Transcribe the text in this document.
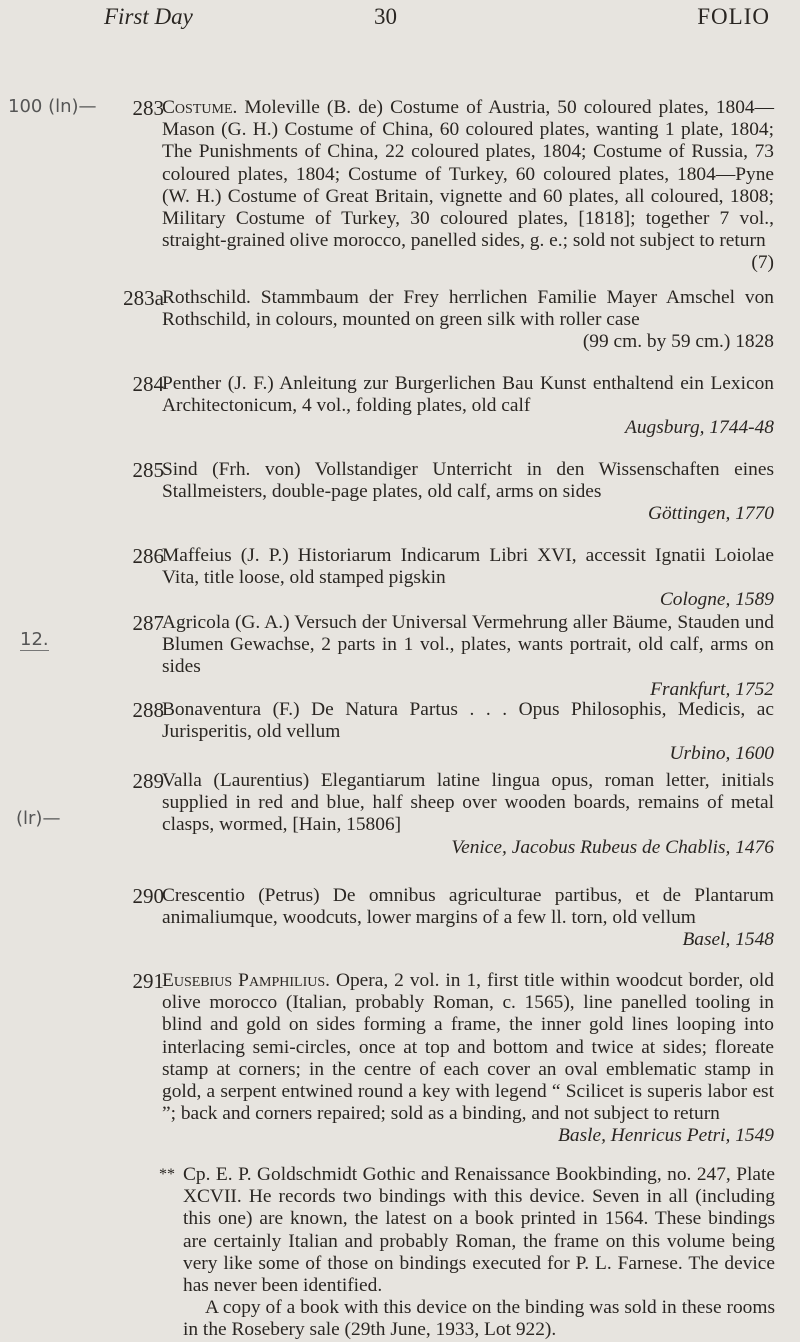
First Day	30	FOLIO
100 (ln)—
12.
(lr)—
283
Costume. Moleville (B. de) Costume of Austria, 50 coloured plates, 1804—Mason (G. H.) Costume of China, 60 coloured plates, wanting 1 plate, 1804; The Punishments of China, 22 coloured plates, 1804; Costume of Russia, 73 coloured plates, 1804; Costume of Turkey, 60 coloured plates, 1804—Pyne (W. H.) Costume of Great Britain, vignette and 60 plates, all coloured, 1808; Military Costume of Turkey, 30 coloured plates, [1818]; together 7 vol., straight-grained olive morocco, panelled sides, g. e.; sold not subject to return
(7)
283a
Rothschild. Stammbaum der Frey herrlichen Familie Mayer Amschel von Rothschild, in colours, mounted on green silk with roller case
(99 cm. by 59 cm.) 1828
284
Penther (J. F.) Anleitung zur Burgerlichen Bau Kunst enthaltend ein Lexicon Architectonicum, 4 vol., folding plates, old calf
Augsburg, 1744-48
285
Sind (Frh. von) Vollstandiger Unterricht in den Wissenschaften eines Stallmeisters, double-page plates, old calf, arms on sides
Göttingen, 1770
286
Maffeius (J. P.) Historiarum Indicarum Libri XVI, accessit Ignatii Loiolae Vita, title loose, old stamped pigskin
Cologne, 1589
287
Agricola (G. A.) Versuch der Universal Vermehrung aller Bäume, Stauden und Blumen Gewachse, 2 parts in 1 vol., plates, wants portrait, old calf, arms on sides
Frankfurt, 1752
288
Bonaventura (F.) De Natura Partus . . . Opus Philosophis, Medicis, ac Jurisperitis, old vellum
Urbino, 1600
289
Valla (Laurentius) Elegantiarum latine lingua opus, roman letter, initials supplied in red and blue, half sheep over wooden boards, remains of metal clasps, wormed, [Hain, 15806]
Venice, Jacobus Rubeus de Chablis, 1476
290
Crescentio (Petrus) De omnibus agriculturae partibus, et de Plantarum animaliumque, woodcuts, lower margins of a few ll. torn, old vellum
Basel, 1548
291
Eusebius Pamphilius. Opera, 2 vol. in 1, first title within woodcut border, old olive morocco (Italian, probably Roman, c. 1565), line panelled tooling in blind and gold on sides forming a frame, the inner gold lines looping into interlacing semi-circles, once at top and bottom and twice at sides; floreate stamp at corners; in the centre of each cover an oval emblematic stamp in gold, a serpent entwined round a key with legend “ Scilicet is superis labor est ”; back and corners repaired; sold as a binding, and not subject to return
Basle, Henricus Petri, 1549
** Cp. E. P. Goldschmidt Gothic and Renaissance Bookbinding, no. 247, Plate XCVII. He records two bindings with this device. Seven in all (including this one) are known, the latest on a book printed in 1564. These bindings are certainly Italian and probably Roman, the frame on this volume being very like some of those on bindings executed for P. L. Farnese. The device has never been identified.
A copy of a book with this device on the binding was sold in these rooms in the Rosebery sale (29th June, 1933, Lot 922).
